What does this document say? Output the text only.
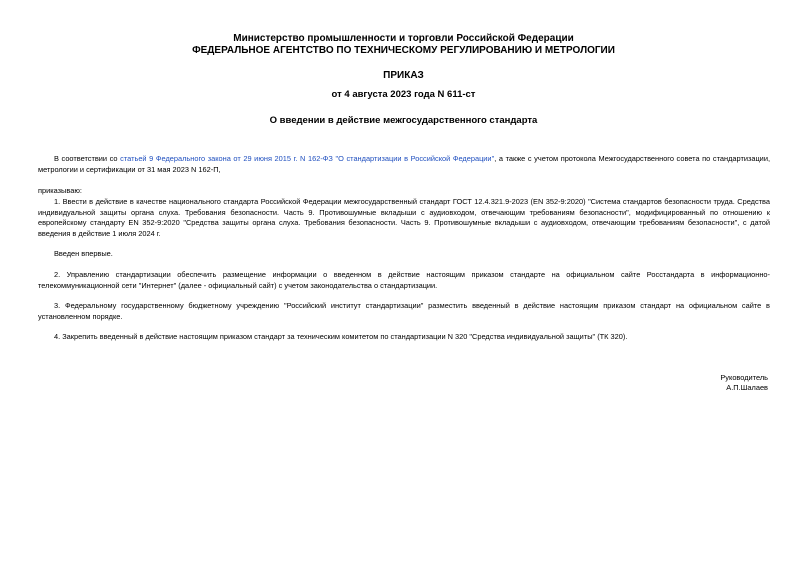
Министерство промышленности и торговли Российской Федерации
ФЕДЕРАЛЬНОЕ АГЕНТСТВО ПО ТЕХНИЧЕСКОМУ РЕГУЛИРОВАНИЮ И МЕТРОЛОГИИ
ПРИКАЗ
от 4 августа 2023 года N 611-ст
О введении в действие межгосударственного стандарта
В соответствии со статьей 9 Федерального закона от 29 июня 2015 г. N 162-ФЗ "О стандартизации в Российской Федерации", а также с учетом протокола Межгосударственного совета по стандартизации, метрологии и сертификации от 31 мая 2023 N 162-П,
приказываю:
1. Ввести в действие в качестве национального стандарта Российской Федерации межгосударственный стандарт ГОСТ 12.4.321.9-2023 (EN 352-9:2020) "Система стандартов безопасности труда. Средства индивидуальной защиты органа слуха. Требования безопасности. Часть 9. Противошумные вкладыши с аудиовходом, отвечающим требованиям безопасности", модифицированный по отношению к европейскому стандарту EN 352-9:2020 "Средства защиты органа слуха. Требования безопасности. Часть 9. Противошумные вкладыши с аудиовходом, отвечающим требованиям безопасности", с датой введения в действие 1 июля 2024 г.
Введен впервые.
2. Управлению стандартизации обеспечить размещение информации о введенном в действие настоящим приказом стандарте на официальном сайте Росстандарта в информационно-телекоммуникационной сети "Интернет" (далее - официальный сайт) с учетом законодательства о стандартизации.
3. Федеральному государственному бюджетному учреждению "Российский институт стандартизации" разместить введенный в действие настоящим приказом стандарт на официальном сайте в установленном порядке.
4. Закрепить введенный в действие настоящим приказом стандарт за техническим комитетом по стандартизации N 320 "Средства индивидуальной защиты" (ТК 320).
Руководитель
А.П.Шалаев
